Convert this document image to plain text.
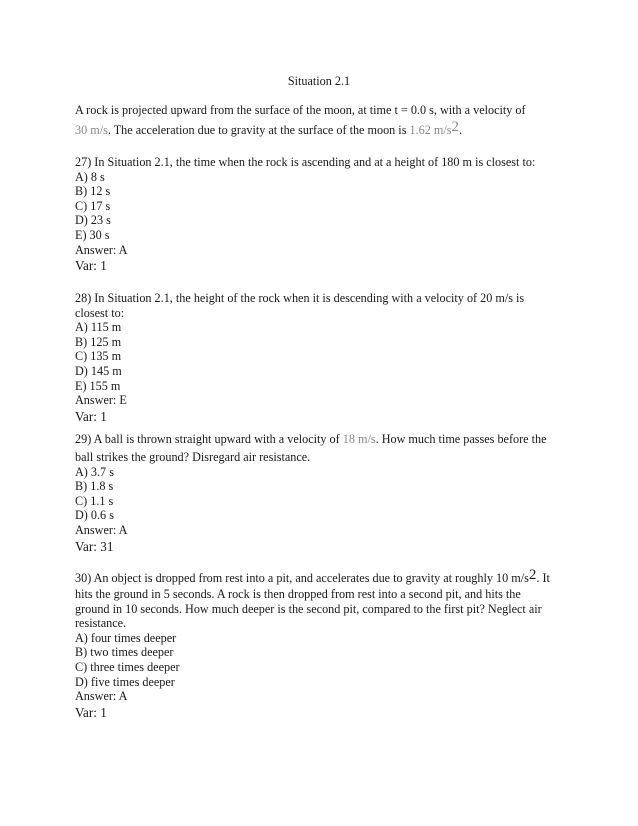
Situation 2.1
A rock is projected upward from the surface of the moon, at time t = 0.0 s, with a velocity of
30 m/s. The acceleration due to gravity at the surface of the moon is 1.62 m/s2.
27) In Situation 2.1, the time when the rock is ascending and at a height of 180 m is closest to:
A) 8 s
B) 12 s
C) 17 s
D) 23 s
E) 30 s
Answer: A
Var: 1
28) In Situation 2.1, the height of the rock when it is descending with a velocity of 20 m/s is
closest to:
A) 115 m
B) 125 m
C) 135 m
D) 145 m
E) 155 m
Answer: E
Var: 1
29) A ball is thrown straight upward with a velocity of 18 m/s. How much time passes before the
ball strikes the ground? Disregard air resistance.
A) 3.7 s
B) 1.8 s
C) 1.1 s
D) 0.6 s
Answer: A
Var: 31
30) An object is dropped from rest into a pit, and accelerates due to gravity at roughly 10 m/s2. It
hits the ground in 5 seconds. A rock is then dropped from rest into a second pit, and hits the
ground in 10 seconds. How much deeper is the second pit, compared to the first pit? Neglect air
resistance.
A) four times deeper
B) two times deeper
C) three times deeper
D) five times deeper
Answer: A
Var: 1
